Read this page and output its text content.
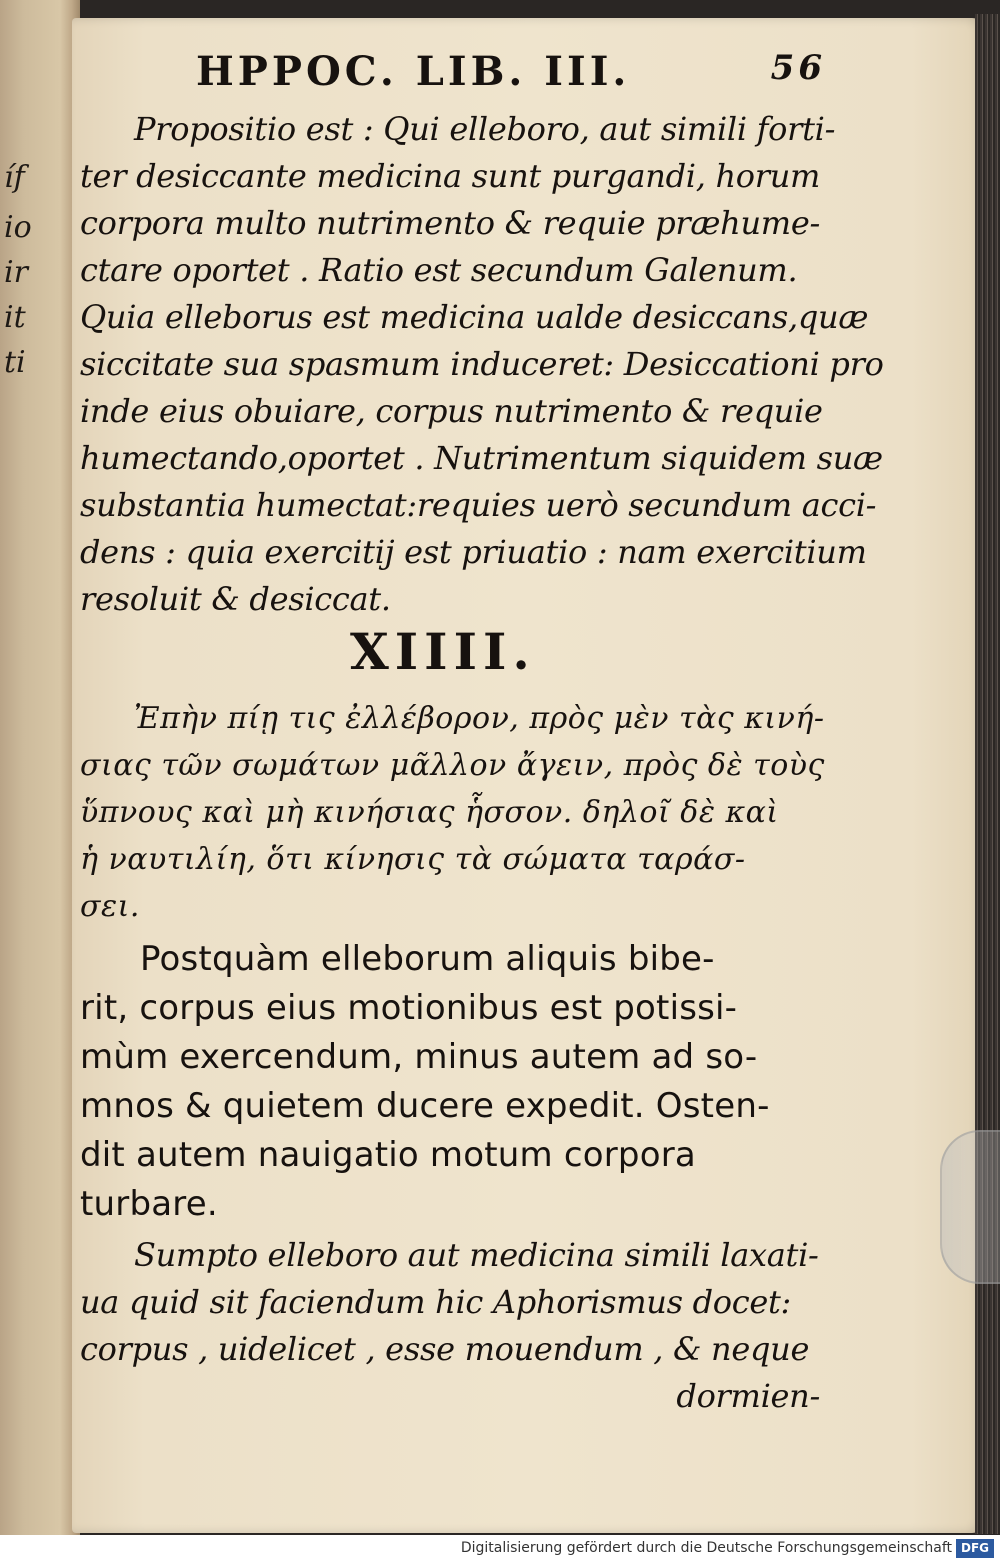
íf
io
ir
it
ti
HPPOC. LIB. III.	56
Propositio est : Qui elleboro, aut simili forti-
ter desiccante medicina sunt purgandi, horum
corpora multo nutrimento & requie præhume-
ctare oportet . Ratio est secundum Galenum.
Quia elleborus est medicina ualde desiccans,quæ
siccitate sua spasmum induceret: Desiccationi pro
inde eius obuiare, corpus nutrimento & requie
humectando,oportet . Nutrimentum siquidem suæ
substantia humectat:requies uerò secundum acci-
dens : quia exercitij est priuatio : nam exercitium
resoluit & desiccat.
XIIII.
Ἐπὴν πίῃ τις ἐλλέβορον, πρὸς μὲν τὰς κινή-
σιας τῶν σωμάτων μᾶλλον ἄγειν, πρὸς δὲ τοὺς
ὕπνους καὶ μὴ κινήσιας ἧσσον. δηλοῖ δὲ καὶ
ἡ ναυτιλίη, ὅτι κίνησις τὰ σώματα ταράσ-
σει.
Postquàm elleborum aliquis bibe-
rit, corpus eius motionibus est potissi-
mùm exercendum, minus autem ad so-
mnos & quietem ducere expedit. Osten-
dit autem nauigatio motum corpora
turbare.
Sumpto elleboro aut medicina simili laxati-
ua quid sit faciendum hic Aphorismus docet:
corpus , uidelicet , esse mouendum , & neque
dormien-
Digitalisierung gefördert durch die Deutsche Forschungsgemeinschaft DFG
